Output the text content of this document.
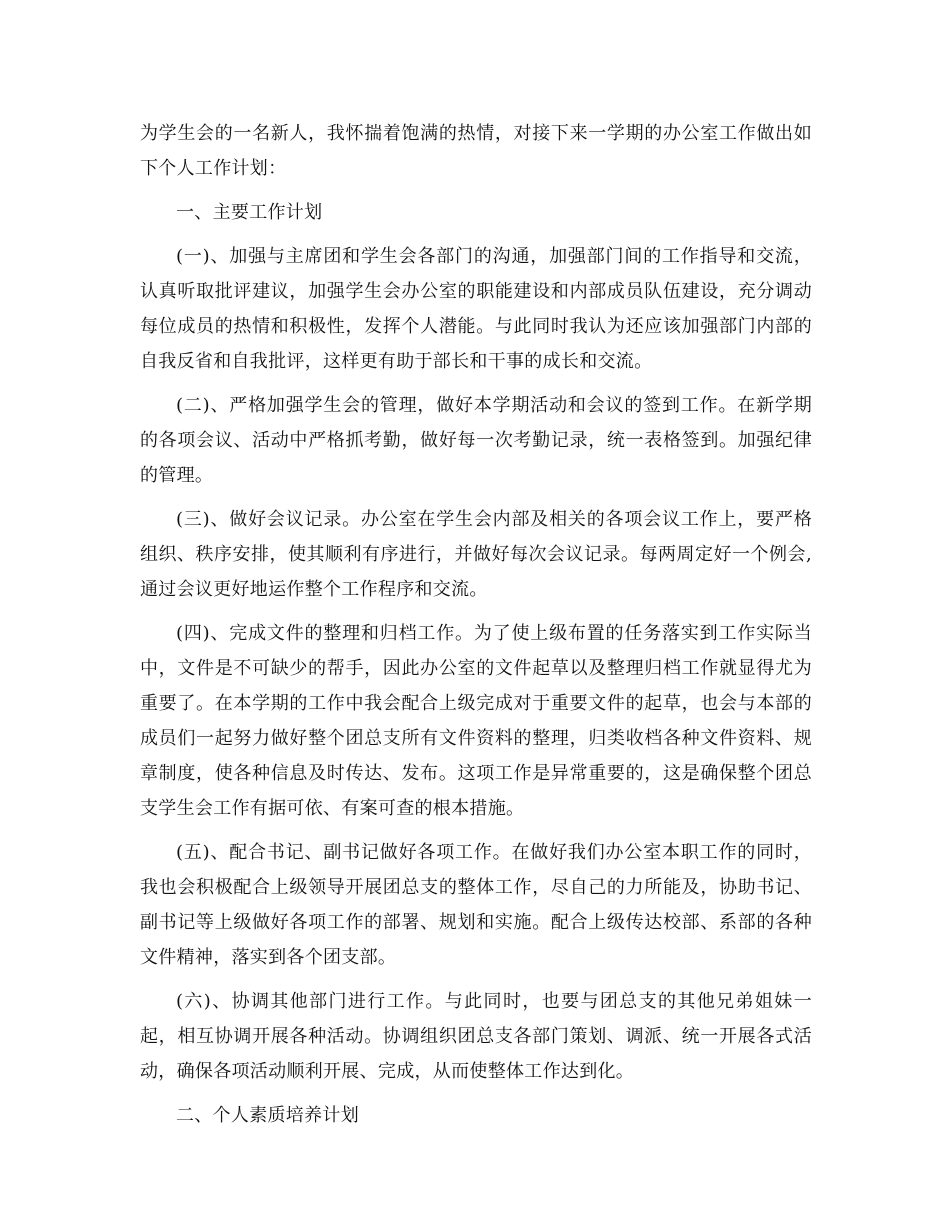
为学生会的一名新人，我怀揣着饱满的热情，对接下来一学期的办公室工作做出如下个人工作计划：

一、主要工作计划

(一)、加强与主席团和学生会各部门的沟通，加强部门间的工作指导和交流，认真听取批评建议，加强学生会办公室的职能建设和内部成员队伍建设，充分调动每位成员的热情和积极性，发挥个人潜能。与此同时我认为还应该加强部门内部的自我反省和自我批评，这样更有助于部长和干事的成长和交流。

(二)、严格加强学生会的管理，做好本学期活动和会议的签到工作。在新学期的各项会议、活动中严格抓考勤，做好每一次考勤记录，统一表格签到。加强纪律的管理。

(三)、做好会议记录。办公室在学生会内部及相关的各项会议工作上，要严格组织、秩序安排，使其顺利有序进行，并做好每次会议记录。每两周定好一个例会,通过会议更好地运作整个工作程序和交流。

(四)、完成文件的整理和归档工作。为了使上级布置的任务落实到工作实际当中，文件是不可缺少的帮手，因此办公室的文件起草以及整理归档工作就显得尤为重要了。在本学期的工作中我会配合上级完成对于重要文件的起草，也会与本部的成员们一起努力做好整个团总支所有文件资料的整理，归类收档各种文件资料、规章制度，使各种信息及时传达、发布。这项工作是异常重要的，这是确保整个团总支学生会工作有据可依、有案可查的根本措施。

(五)、配合书记、副书记做好各项工作。在做好我们办公室本职工作的同时，我也会积极配合上级领导开展团总支的整体工作，尽自己的力所能及，协助书记、副书记等上级做好各项工作的部署、规划和实施。配合上级传达校部、系部的各种文件精神，落实到各个团支部。

(六)、协调其他部门进行工作。与此同时，也要与团总支的其他兄弟姐妹一起，相互协调开展各种活动。协调组织团总支各部门策划、调派、统一开展各式活动，确保各项活动顺利开展、完成，从而使整体工作达到化。

二、个人素质培养计划
